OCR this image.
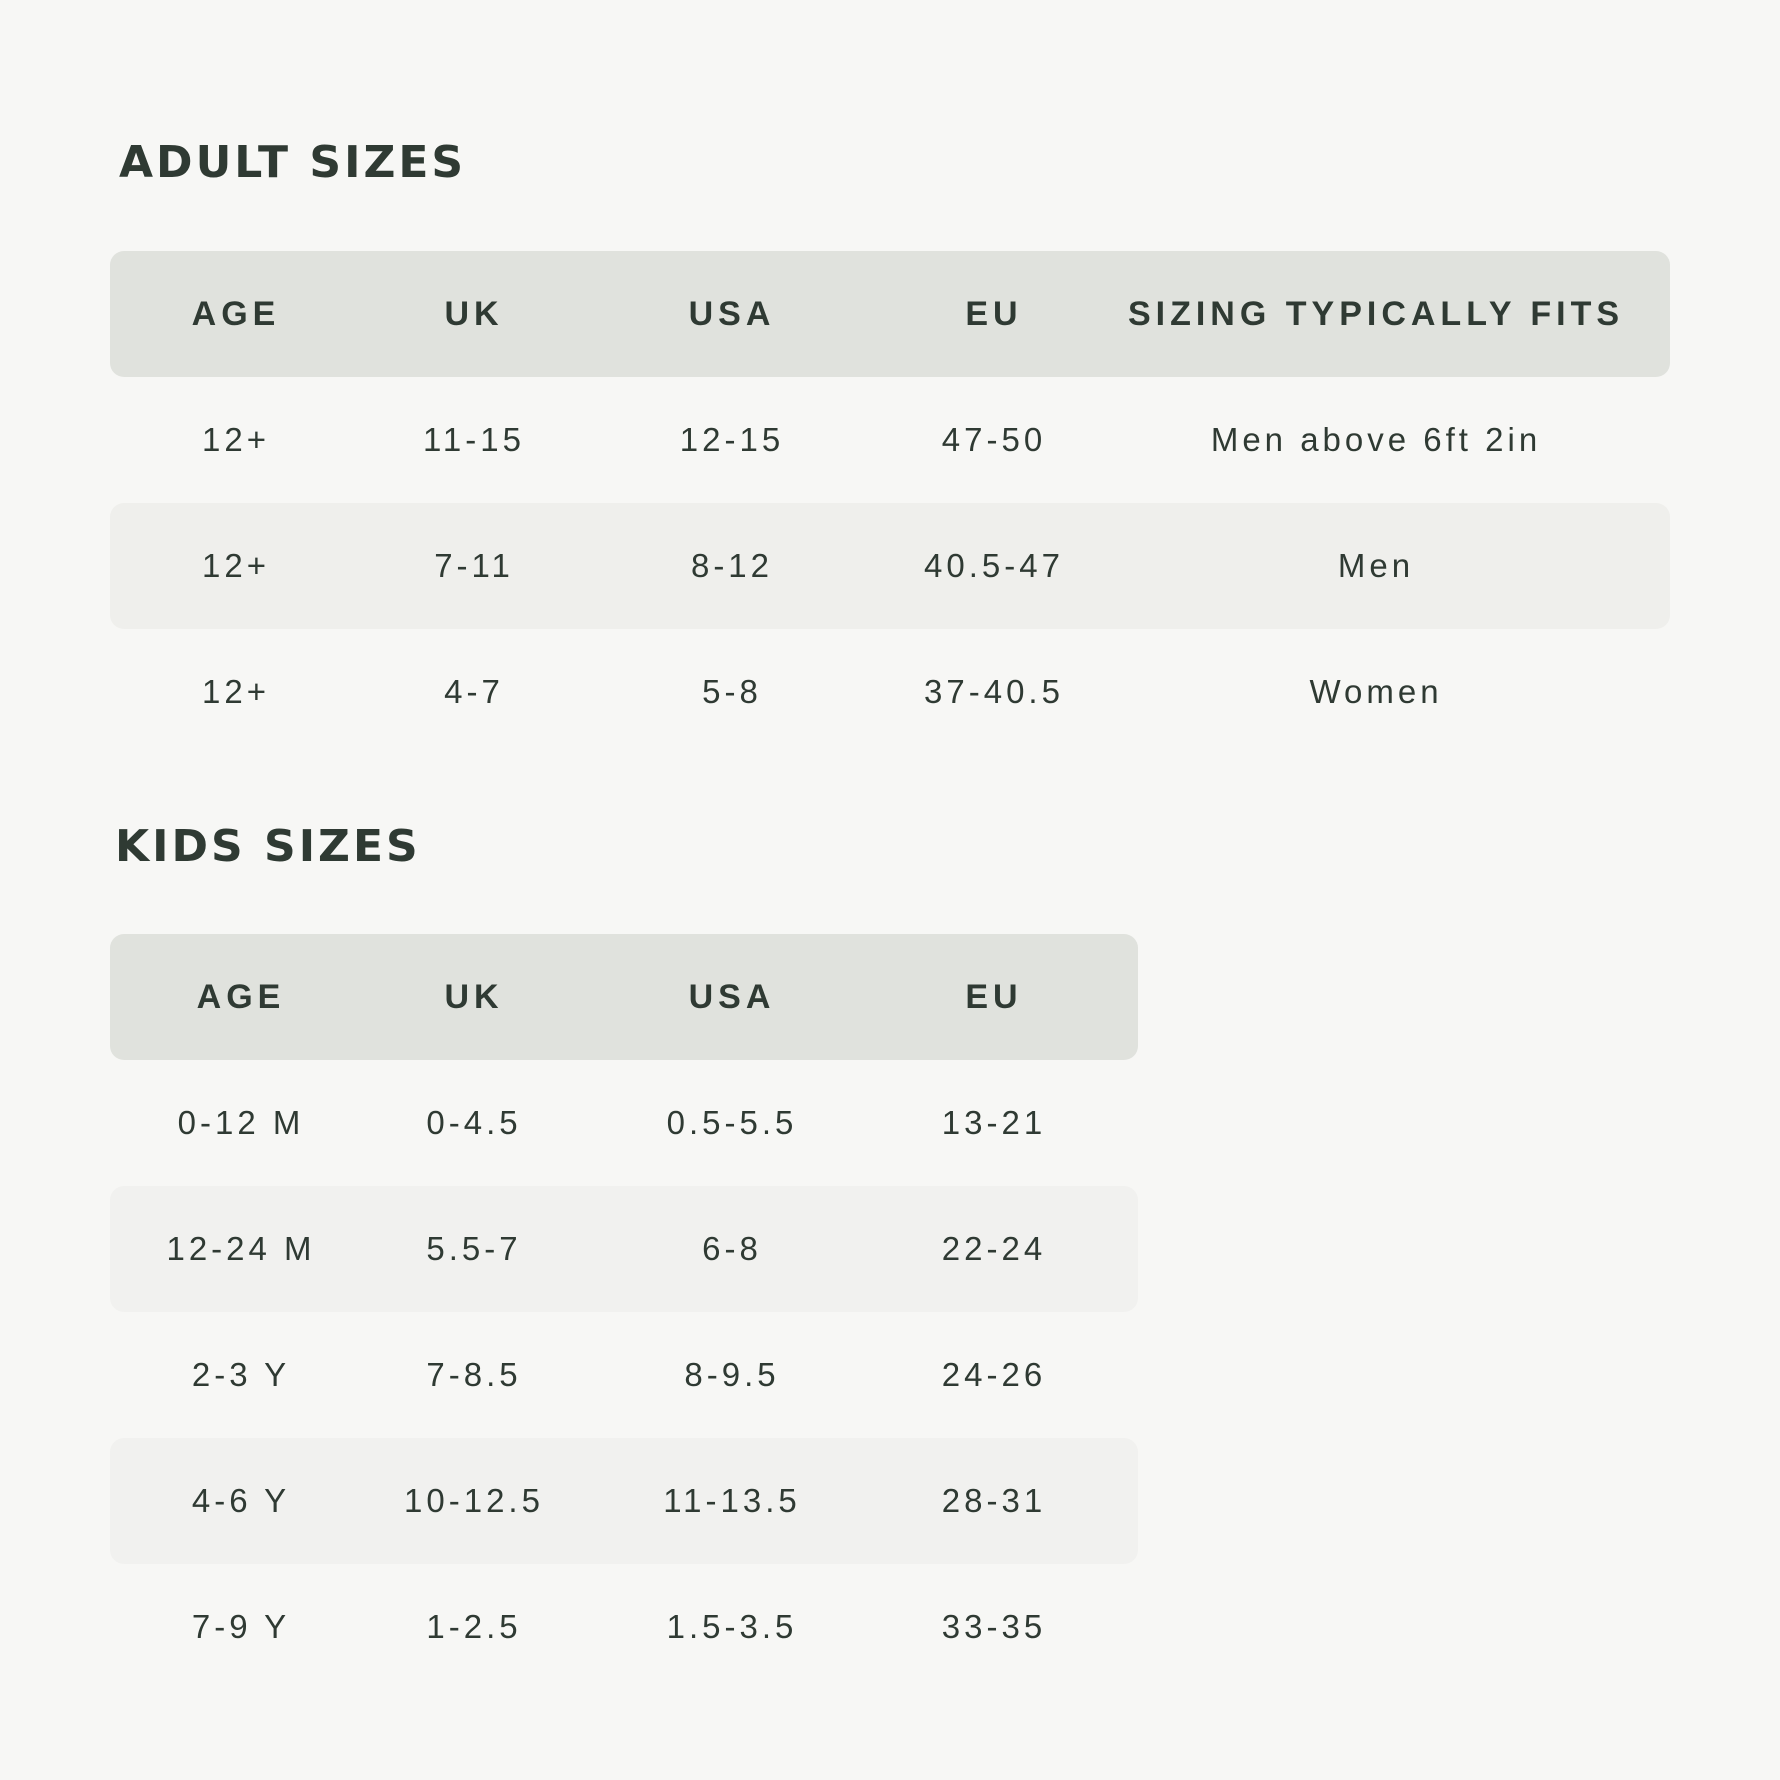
ADULT SIZES
AGE	UK	USA	EU	SIZING TYPICALLY FITS
12+	11-15	12-15	47-50	Men above 6ft 2in
12+	7-11	8-12	40.5-47	Men
12+	4-7	5-8	37-40.5	Women
KIDS SIZES
AGE	UK	USA	EU
0-12 M	0-4.5	0.5-5.5	13-21
12-24 M	5.5-7	6-8	22-24
2-3 Y	7-8.5	8-9.5	24-26
4-6 Y	10-12.5	11-13.5	28-31
7-9 Y	1-2.5	1.5-3.5	33-35
